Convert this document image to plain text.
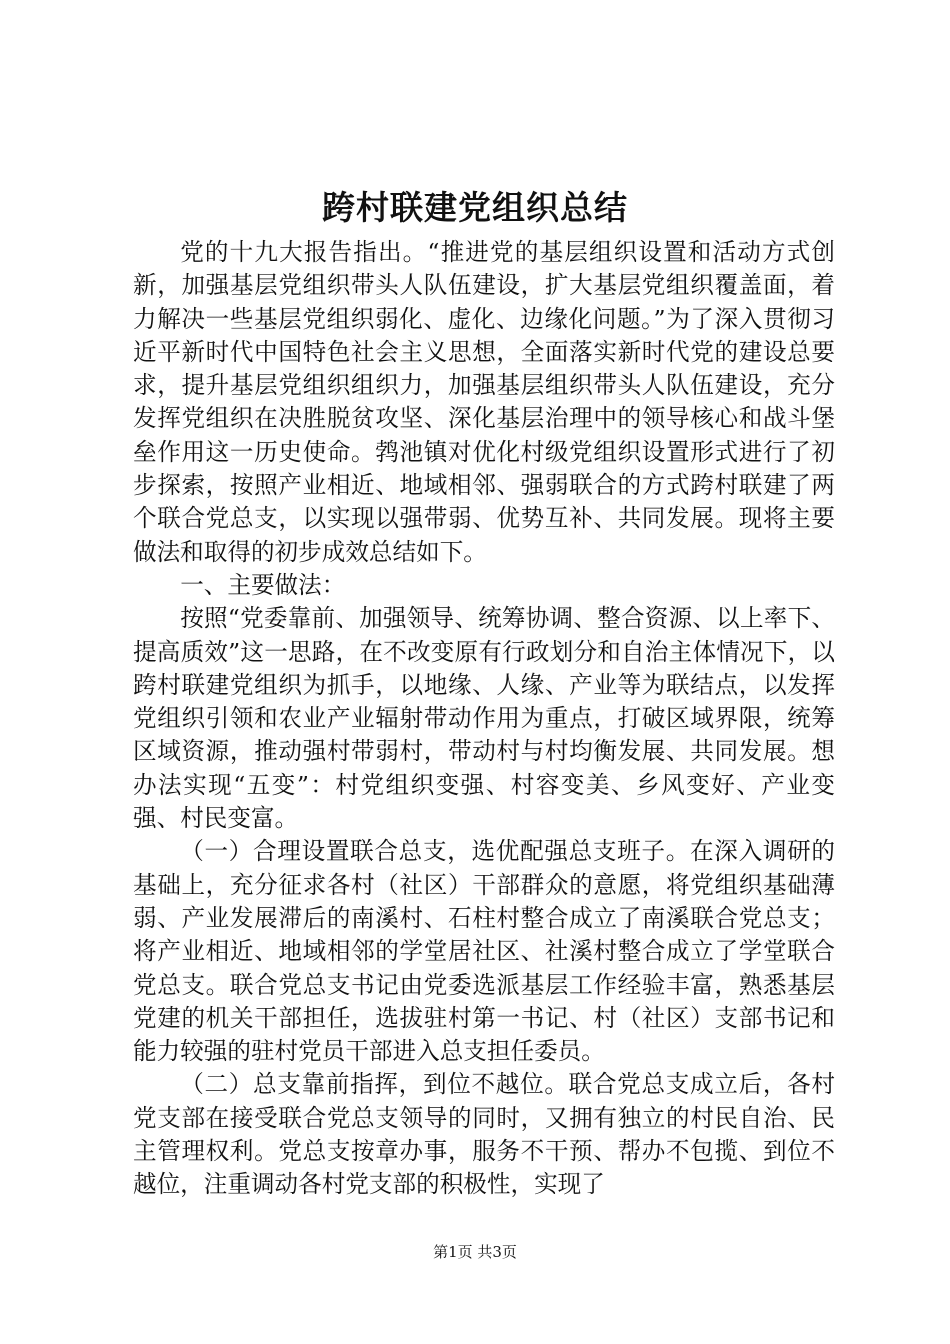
跨村联建党组织总结

党的十九大报告指出。“推进党的基层组织设置和活动方式创新，加强基层党组织带头人队伍建设，扩大基层党组织覆盖面，着力解决一些基层党组织弱化、虚化、边缘化问题。”为了深入贯彻习近平新时代中国特色社会主义思想，全面落实新时代党的建设总要求，提升基层党组织组织力，加强基层组织带头人队伍建设，充分发挥党组织在决胜脱贫攻坚、深化基层治理中的领导核心和战斗堡垒作用这一历史使命。鹁池镇对优化村级党组织设置形式进行了初步探索，按照产业相近、地域相邻、强弱联合的方式跨村联建了两个联合党总支，以实现以强带弱、优势互补、共同发展。现将主要做法和取得的初步成效总结如下。

一、主要做法：

按照“党委靠前、加强领导、统筹协调、整合资源、以上率下、提高质效”这一思路，在不改变原有行政划分和自治主体情况下，以跨村联建党组织为抓手，以地缘、人缘、产业等为联结点，以发挥党组织引领和农业产业辐射带动作用为重点，打破区域界限，统筹区域资源，推动强村带弱村，带动村与村均衡发展、共同发展。想办法实现“五变”：村党组织变强、村容变美、乡风变好、产业变强、村民变富。

（一）合理设置联合总支，选优配强总支班子。在深入调研的基础上，充分征求各村（社区）干部群众的意愿，将党组织基础薄弱、产业发展滞后的南溪村、石柱村整合成立了南溪联合党总支；将产业相近、地域相邻的学堂居社区、社溪村整合成立了学堂联合党总支。联合党总支书记由党委选派基层工作经验丰富，熟悉基层党建的机关干部担任，选拔驻村第一书记、村（社区）支部书记和能力较强的驻村党员干部进入总支担任委员。

（二）总支靠前指挥，到位不越位。联合党总支成立后，各村党支部在接受联合党总支领导的同时，又拥有独立的村民自治、民主管理权利。党总支按章办事，服务不干预、帮办不包揽、到位不越位，注重调动各村党支部的积极性，实现了

第1页 共3页
